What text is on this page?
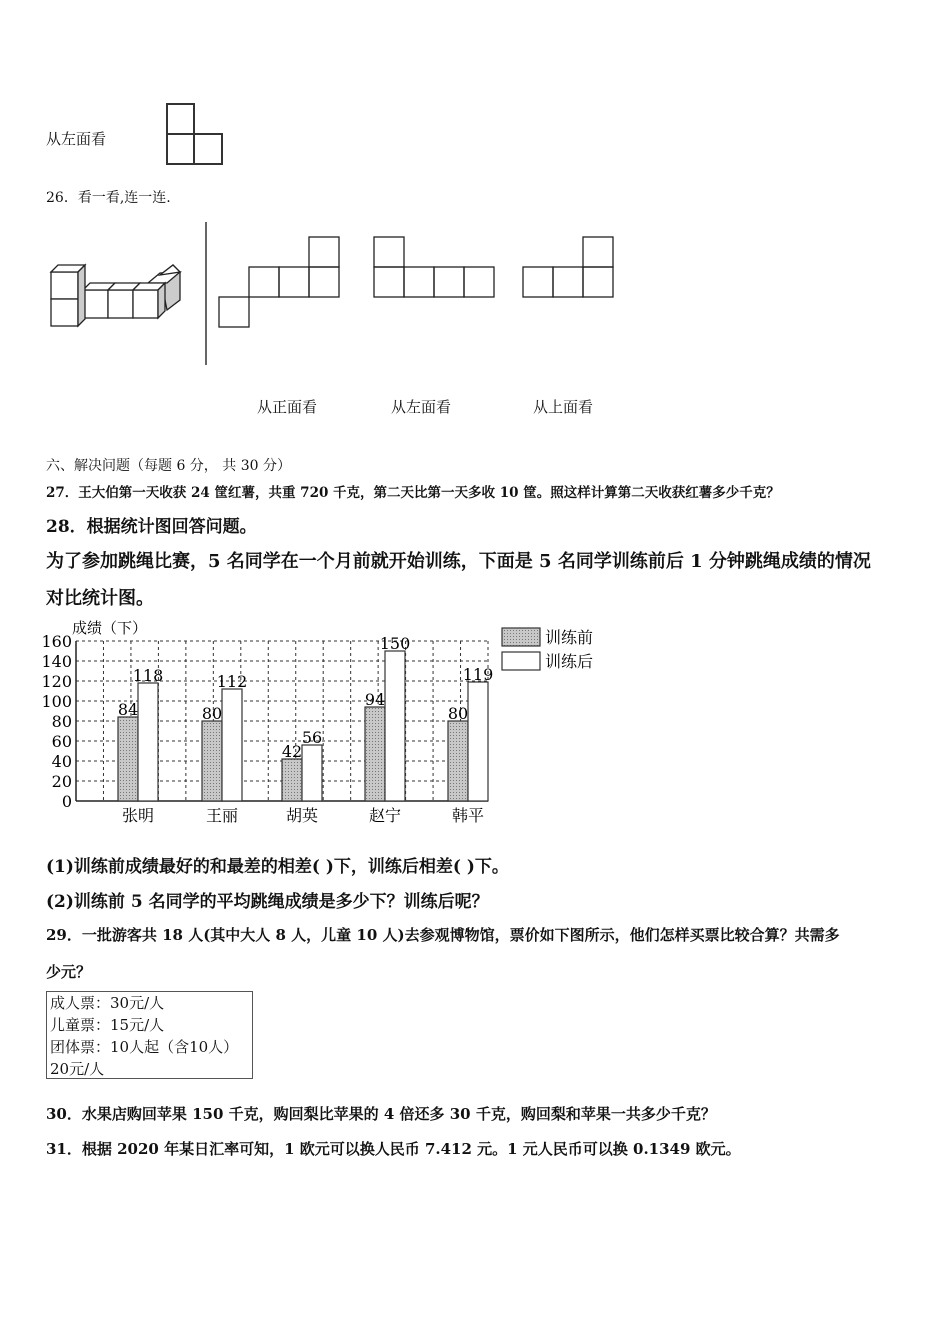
0
20
40
60
80
100
120
140
160
成绩（下）
张明
84
118
王丽
80
112
胡英
42
56
赵宁
94
150
韩平
80
119
训练前
训练后
从左面看
26．看一看,连一连.
从正面看	从左面看	从上面看
六、解决问题（每题 6 分， 共 30 分）
27．王大伯第一天收获 24 筐红薯，共重 720 千克，第二天比第一天多收 10 筐。照这样计算第二天收获红薯多少千克？
28．根据统计图回答问题。
为了参加跳绳比赛，5 名同学在一个月前就开始训练，下面是 5 名同学训练前后 1 分钟跳绳成绩的情况
对比统计图。
(1)训练前成绩最好的和最差的相差( )下，训练后相差( )下。
(2)训练前 5 名同学的平均跳绳成绩是多少下？训练后呢？
29．一批游客共 18 人(其中大人 8 人，儿童 10 人)去参观博物馆，票价如下图所示，他们怎样买票比较合算？共需多
少元？
成人票：30元/人
儿童票：15元/人
团体票：10人起（含10人）
20元/人
30．水果店购回苹果 150 千克，购回梨比苹果的 4 倍还多 30 千克，购回梨和苹果一共多少千克？
31．根据 2020 年某日汇率可知，1 欧元可以换人民币 7.412 元。1 元人民币可以换 0.1349 欧元。
